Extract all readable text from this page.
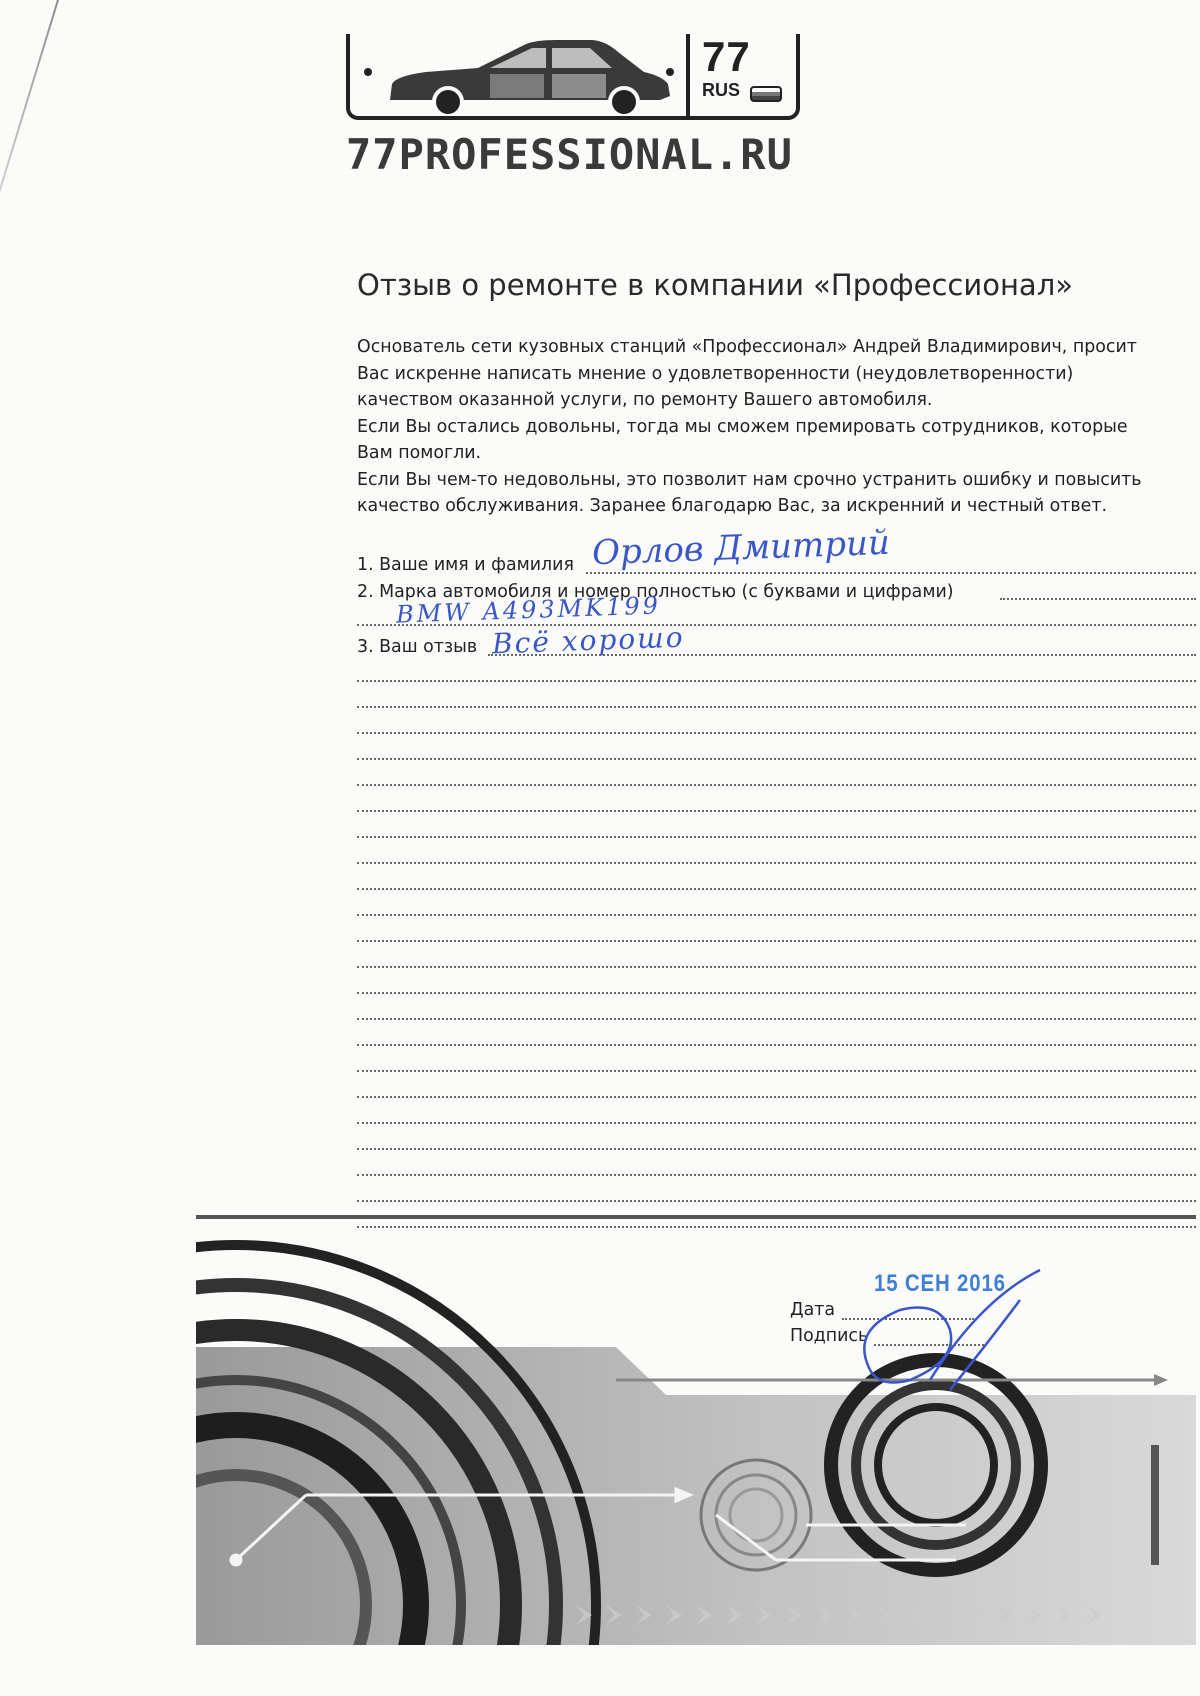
77
RUS
77PROFESSIONAL.RU
Отзыв о ремонте в компании «Профессионал»

Основатель сети кузовных станций «Профессионал» Андрей Владимирович, просит

Вас искренне написать мнение о удовлетворенности (неудовлетворенности)

качеством оказанной услуги, по ремонту Вашего автомобиля.

Если Вы остались довольны, тогда мы сможем премировать сотрудников, которые

Вам помогли.

Если Вы чем-то недовольны, это позволит нам срочно устранить ошибку и повысить

качество обслуживания. Заранее благодарю Вас, за искренний и честный ответ.

1. Ваше имя и фамилия Орлов Дмитрий
2. Марка автомобиля и номер полностью (с буквами и цифрами)
BMW A493MK199
3. Ваш отзыв Всё хорошо
15 СЕН 2016
Дата
Подпись
